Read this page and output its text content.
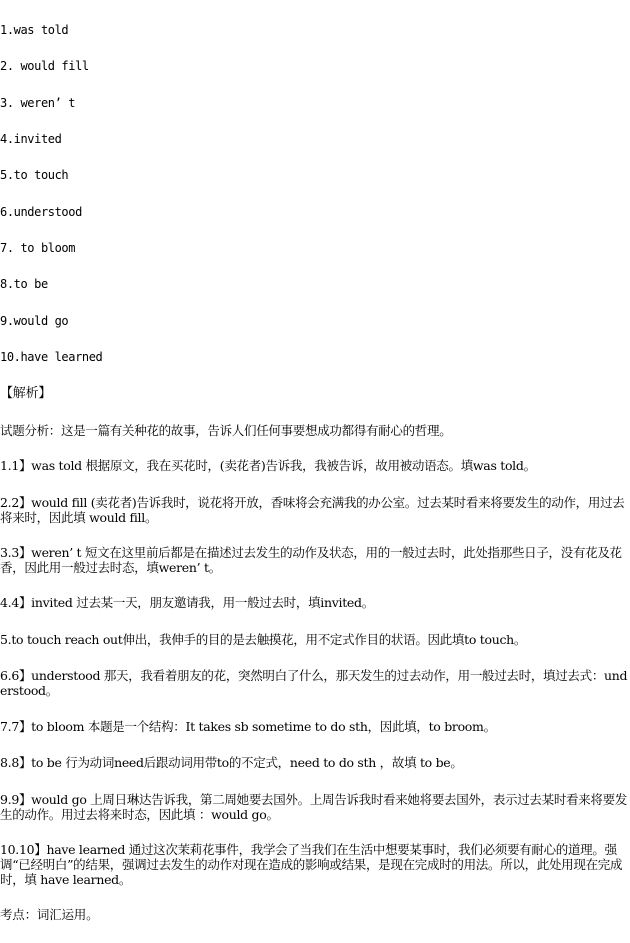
1.was told
2. would fill
3. weren’ t
4.invited
5.to touch
6.understood
7. to bloom
8.to be
9.would go
10.have learned
【解析】
试题分析：这是一篇有关种花的故事，告诉人们任何事要想成功都得有耐心的哲理。
1.1】was told 根据原文，我在买花时，(卖花者)告诉我，我被告诉，故用被动语态。填was told。
2.2】would fill (卖花者)告诉我时，说花将开放，香味将会充满我的办公室。过去某时看来将要发生的动作，用过去将来时，因此填 would fill。
3.3】weren’ t 短文在这里前后都是在描述过去发生的动作及状态，用的一般过去时，此处指那些日子，没有花及花香，因此用一般过去时态，填weren’ t。
4.4】invited 过去某一天，朋友邀请我，用一般过去时，填invited。
5.to touch reach out伸出，我伸手的目的是去触摸花，用不定式作目的状语。因此填to touch。
6.6】understood 那天，我看着朋友的花，突然明白了什么，那天发生的过去动作，用一般过去时，填过去式：understood。
7.7】to bloom 本题是一个结构：It takes sb sometime to do sth，因此填，to broom。
8.8】to be 行为动词need后跟动词用带to的不定式，need to do sth ，故填 to be。
9.9】would go 上周日琳达告诉我，第二周她要去国外。上周告诉我时看来她将要去国外，表示过去某时看来将要发生的动作。用过去将来时态，因此填 ：would go。
10.10】have learned 通过这次茉莉花事件，我学会了当我们在生活中想要某事时，我们必须要有耐心的道理。强调“已经明白”的结果，强调过去发生的动作对现在造成的影响或结果，是现在完成时的用法。所以，此处用现在完成时，填 have learned。
考点：词汇运用。
